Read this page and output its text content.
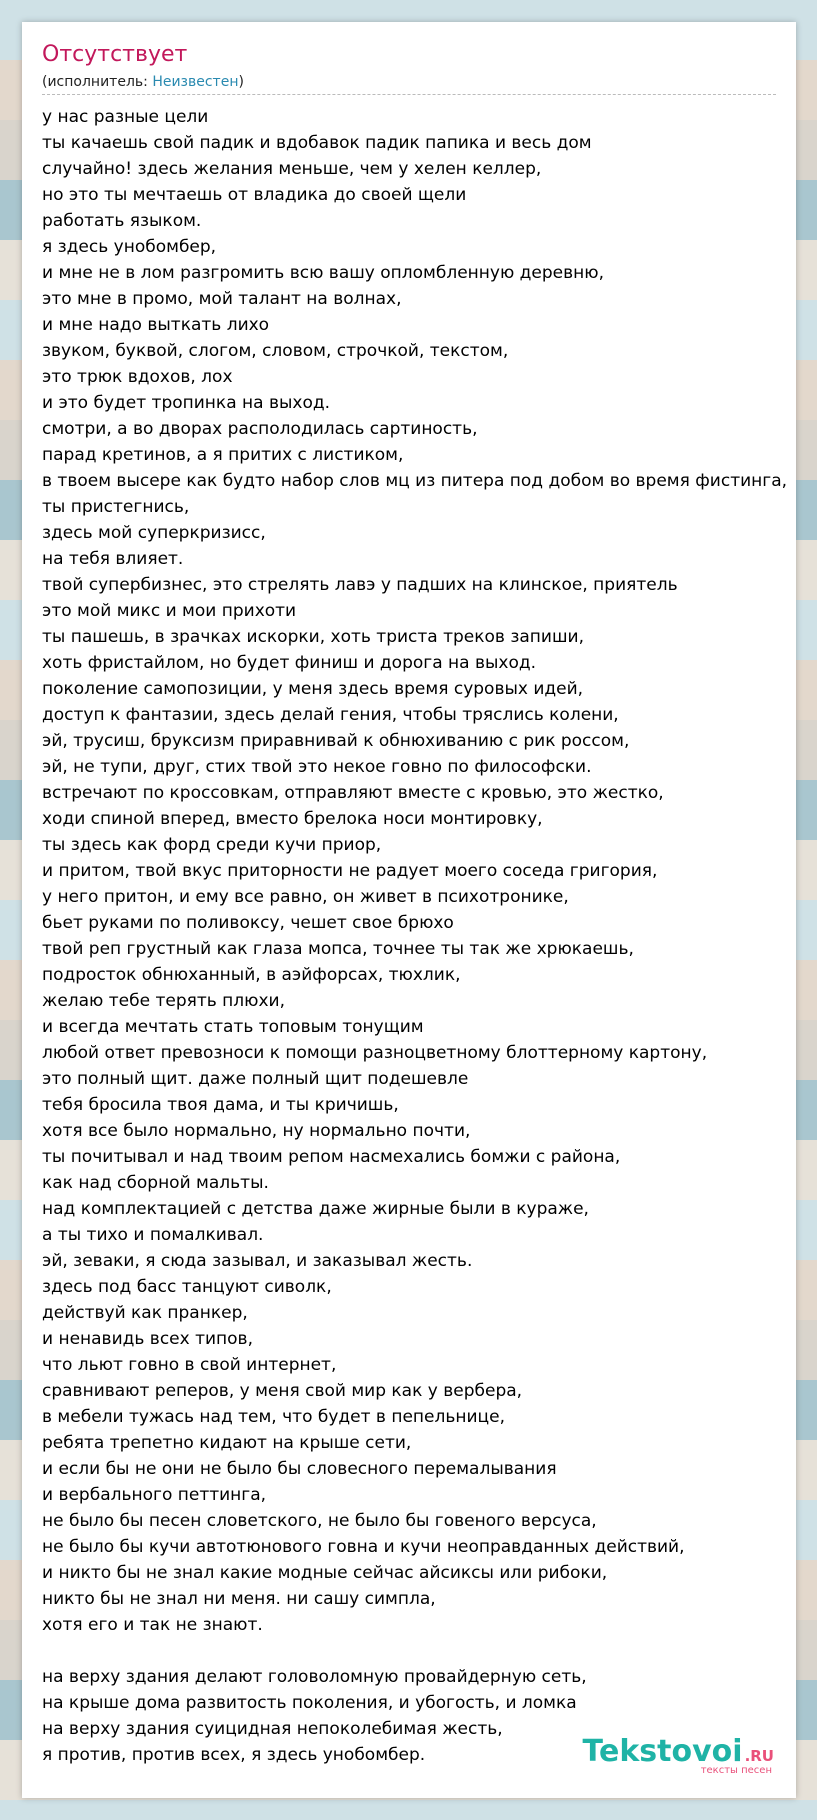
Отсутствует
(исполнитель: Неизвестен)
у нас разные цели
ты качаешь свой падик и вдобавок падик папика и весь дом
случайно! здесь желания меньше, чем у хелен келлер,
но это ты мечтаешь от владика до своей щели
работать языком.
я здесь унобомбер,
и мне не в лом разгромить всю вашу опломбленную деревню,
это мне в промо, мой талант на волнах,
и мне надо выткать лихо
звуком, буквой, слогом, словом, строчкой, текстом,
это трюк вдохов, лох
и это будет тропинка на выход.
смотри, а во дворах располодилась сартиность,
парад кретинов, а я притих с листиком,
в твоем высере как будто набор слов мц из питера под добом во время фистинга,
ты пристегнись,
здесь мой суперкризисс,
на тебя влияет.
твой супербизнес, это стрелять лавэ у падших на клинское, приятель
это мой микс и мои прихоти
ты пашешь, в зрачках искорки, хоть триста треков запиши,
хоть фристайлом, но будет финиш и дорога на выход.
поколение самопозиции, у меня здесь время суровых идей,
доступ к фантазии, здесь делай гения, чтобы тряслись колени,
эй, трусиш, бруксизм приравнивай к обнюхиванию с рик россом,
эй, не тупи, друг, стих твой это некое говно по философски.
встречают по кроссовкам, отправляют вместе с кровью, это жестко,
ходи спиной вперед, вместо брелока носи монтировку,
ты здесь как форд среди кучи приор,
и притом, твой вкус приторности не радует моего соседа григория,
у него притон, и ему все равно, он живет в психотронике,
бьет руками по поливоксу, чешет свое брюхо
твой реп грустный как глаза мопса, точнее ты так же хрюкаешь,
подросток обнюханный, в аэйфорсах, тюхлик,
желаю тебе терять плюхи,
и всегда мечтать стать топовым тонущим
любой ответ превозноси к помощи разноцветному блоттерному картону,
это полный щит. даже полный щит подешевле
тебя бросила твоя дама, и ты кричишь,
хотя все было нормально, ну нормально почти,
ты почитывал и над твоим репом насмехались бомжи с района,
как над сборной мальты.
над комплектацией с детства даже жирные были в кураже,
а ты тихо и помалкивал.
эй, зеваки, я сюда зазывал, и заказывал жесть.
здесь под басс танцуют сиволк,
действуй как пранкер,
и ненавидь всех типов,
что льют говно в свой интернет,
сравнивают реперов, у меня свой мир как у вербера,
в мебели тужась над тем, что будет в пепельнице,
ребята трепетно кидают на крыше сети,
и если бы не они не было бы словесного перемалывания
и вербального петтинга,
не было бы песен словетского, не было бы говеного версуса,
не было бы кучи автотюнового говна и кучи неоправданных действий,
и никто бы не знал какие модные сейчас айсиксы или рибоки,
никто бы не знал ни меня. ни сашу симпла,
хотя его и так не знают.

на верху здания делают головоломную провайдерную сеть,
на крыше дома развитость поколения, и убогость, и ломка
на верху здания суицидная непоколебимая жесть,
я против, против всех, я здесь унобомбер.	Tekstovoi .RU
тексты песен
